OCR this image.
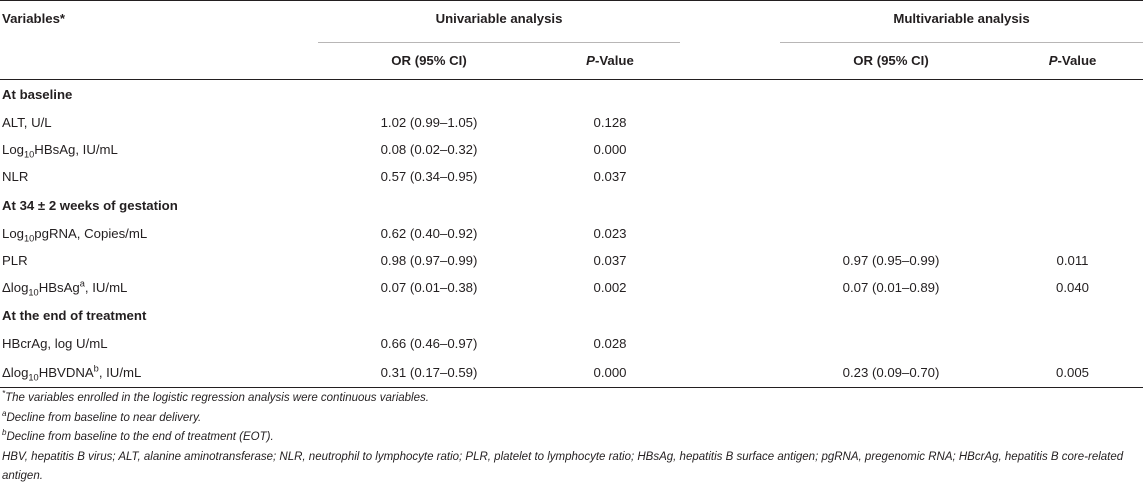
Variables*	Univariable analysis			Multivariable analysis	
	OR (95% CI)	P-Value		OR (95% CI)	P-Value
At baseline					
ALT, U/L	1.02 (0.99–1.05)	0.128			
Log$_{10}$HBsAg, IU/mL	0.08 (0.02–0.32)	0.000			
NLR	0.57 (0.34–0.95)	0.037			
At 34 ± 2 weeks of gestation					
Log$_{10}$pgRNA, Copies/mL	0.62 (0.40–0.92)	0.023			
PLR	0.98 (0.97–0.99)	0.037		0.97 (0.95–0.99)	0.011
Δlog$_{10}$HBsAg$^a$, IU/mL	0.07 (0.01–0.38)	0.002		0.07 (0.01–0.89)	0.040
At the end of treatment					
HBcrAg, log U/mL	0.66 (0.46–0.97)	0.028			
$\Delta\log_{10}HBVDNA^b$, IU/mL	0.31 (0.17–0.59)	0.000		0.23 (0.09–0.70)	0.005
*The variables enrolled in the logistic regression analysis were continuous variables.
$^a$Decline from baseline to near delivery.
$^b$Decline from baseline to the end of treatment (EOT).
HBV, hepatitis B virus; ALT, alanine aminotransferase; NLR, neutrophil to lymphocyte ratio; PLR, platelet to lymphocyte ratio; HBsAg, hepatitis B surface antigen; pgRNA, pregenomic RNA; HBcrAg, hepatitis B core-related antigen.
